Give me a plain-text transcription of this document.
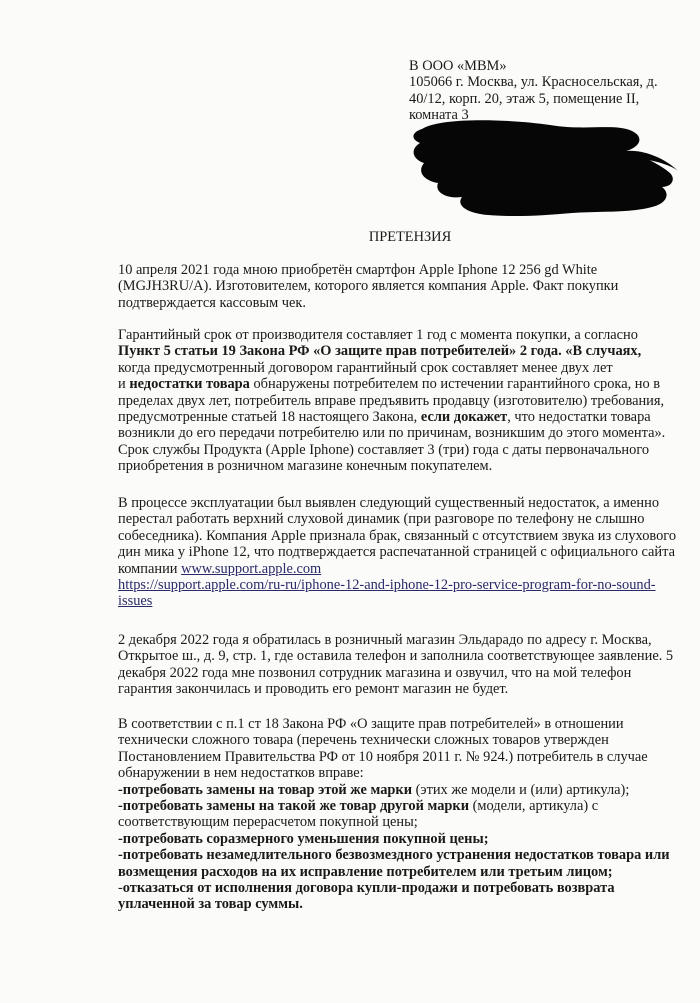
В ООО «МВМ»
105066 г. Москва, ул. Красносельская, д.
40/12, корп. 20, этаж 5, помещение II,
комната 3
ПРЕТЕНЗИЯ

10 апреля 2021 года мною приобретён смартфон Apple Iphone 12 256 gd White

(MGJH3RU/A). Изготовителем, которого является компания Apple. Факт покупки

подтверждается кассовым чек.

Гарантийный срок от производителя составляет 1 год с момента покупки, а согласно

Пункт 5 статьи 19 Закона РФ «О защите прав потребителей» 2 года. «В случаях,

когда предусмотренный договором гарантийный срок составляет менее двух лет

и недостатки товара обнаружены потребителем по истечении гарантийного срока, но в

пределах двух лет, потребитель вправе предъявить продавцу (изготовителю) требования,

предусмотренные статьей 18 настоящего Закона, если докажет, что недостатки товара

возникли до его передачи потребителю или по причинам, возникшим до этого момента».

Срок службы Продукта (Apple Iphone) составляет 3 (три) года с даты первоначального

приобретения в розничном магазине конечным покупателем.

В процессе эксплуатации был выявлен следующий существенный недостаток, а именно

перестал работать верхний слуховой динамик (при разговоре по телефону не слышно

собеседника). Компания Apple признала брак, связанный с отсутствием звука из слухового

дин мика у iPhone 12, что подтверждается распечатанной страницей с официального сайта

компании www.support.apple.com

https://support.apple.com/ru-ru/iphone-12-and-iphone-12-pro-service-program-for-no-sound-

issues

2 декабря 2022 года я обратилась в розничный магазин Эльдарадо по адресу г. Москва,

Открытое ш., д. 9, стр. 1, где оставила телефон и заполнила соответствующее заявление. 5

декабря 2022 года мне позвонил сотрудник магазина и озвучил, что на мой телефон

гарантия закончилась и проводить его ремонт магазин не будет.

В соответствии с п.1 ст 18 Закона РФ «О защите прав потребителей» в отношении

технически сложного товара (перечень технически сложных товаров утвержден

Постановлением Правительства РФ от 10 ноября 2011 г. № 924.) потребитель в случае

обнаружении в нем недостатков вправе:

-потребовать замены на товар этой же марки (этих же модели и (или) артикула);

-потребовать замены на такой же товар другой марки (модели, артикула) с

соответствующим перерасчетом покупной цены;

-потребовать соразмерного уменьшения покупной цены;

-потребовать незамедлительного безвозмездного устранения недостатков товара или

возмещения расходов на их исправление потребителем или третьим лицом;

-отказаться от исполнения договора купли-продажи и потребовать возврата

уплаченной за товар суммы.
